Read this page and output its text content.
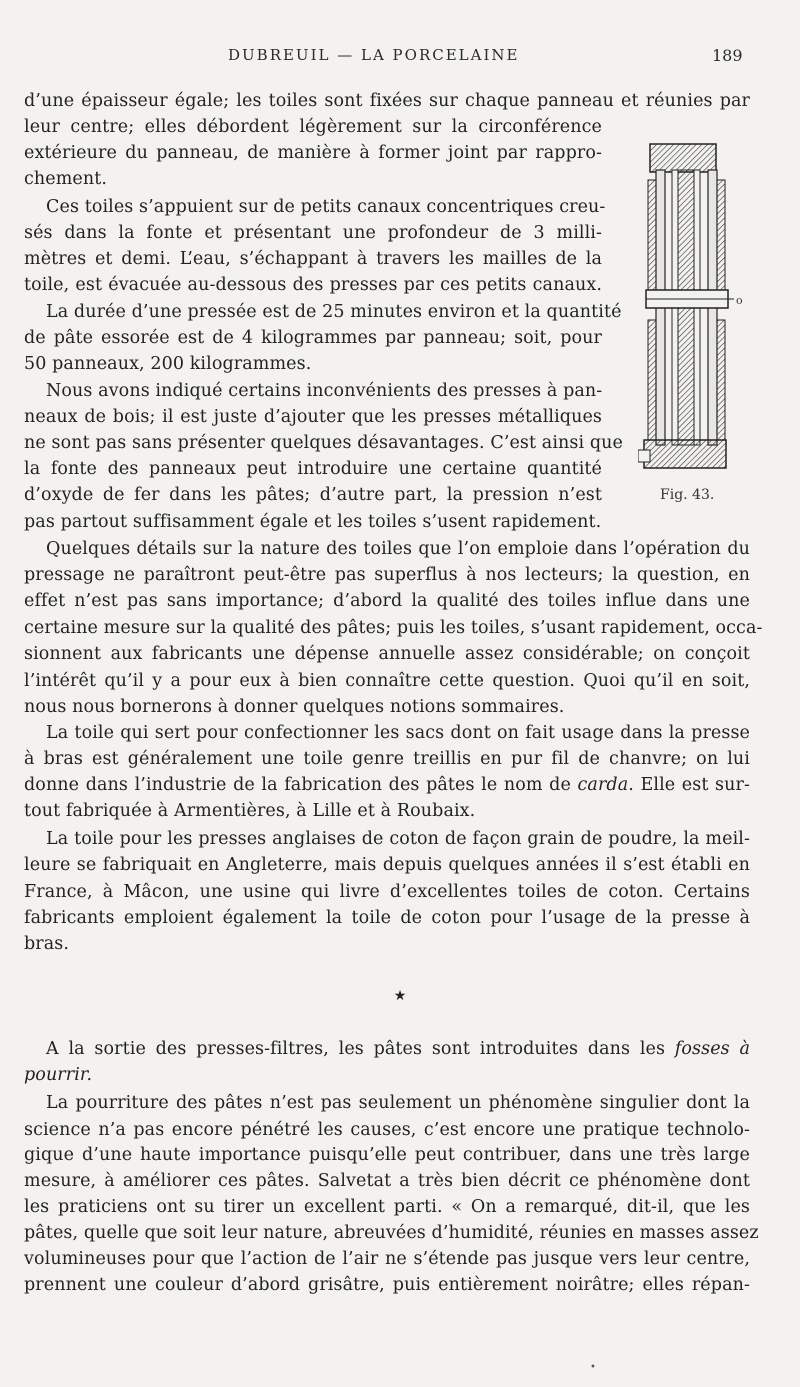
DUBREUIL — LA PORCELAINE	189
d’une épaisseur égale; les toiles sont fixées sur chaque panneau et réunies par
leur centre; elles débordent légèrement sur la circonférence
extérieure du panneau, de manière à former joint par rappro-
chement.
Ces toiles s’appuient sur de petits canaux concentriques creu-
sés dans la fonte et présentant une profondeur de 3 milli-
mètres et demi. L’eau, s’échappant à travers les mailles de la
toile, est évacuée au-dessous des presses par ces petits canaux.
La durée d’une pressée est de 25 minutes environ et la quantité
de pâte essorée est de 4 kilogrammes par panneau; soit, pour
50 panneaux, 200 kilogrammes.
Nous avons indiqué certains inconvénients des presses à pan-
neaux de bois; il est juste d’ajouter que les presses métalliques
ne sont pas sans présenter quelques désavantages. C’est ainsi que
la fonte des panneaux peut introduire une certaine quantité
d’oxyde de fer dans les pâtes; d’autre part, la pression n’est
pas partout suffisamment égale et les toiles s’usent rapidement.
Quelques détails sur la nature des toiles que l’on emploie dans l’opération du
pressage ne paraîtront peut-être pas superflus à nos lecteurs; la question, en
effet n’est pas sans importance; d’abord la qualité des toiles influe dans une
certaine mesure sur la qualité des pâtes; puis les toiles, s’usant rapidement, occa-
sionnent aux fabricants une dépense annuelle assez considérable; on conçoit
l’intérêt qu’il y a pour eux à bien connaître cette question. Quoi qu’il en soit,
nous nous bornerons à donner quelques notions sommaires.
La toile qui sert pour confectionner les sacs dont on fait usage dans la presse
à bras est généralement une toile genre treillis en pur fil de chanvre; on lui
donne dans l’industrie de la fabrication des pâtes le nom de carda. Elle est sur-
tout fabriquée à Armentières, à Lille et à Roubaix.
La toile pour les presses anglaises de coton de façon grain de poudre, la meil-
leure se fabriquait en Angleterre, mais depuis quelques années il s’est établi en
France, à Mâcon, une usine qui livre d’excellentes toiles de coton. Certains
fabricants emploient également la toile de coton pour l’usage de la presse à
bras.
★
A la sortie des presses-filtres, les pâtes sont introduites dans les fosses à
pourrir.
La pourriture des pâtes n’est pas seulement un phénomène singulier dont la
science n’a pas encore pénétré les causes, c’est encore une pratique technolo-
gique d’une haute importance puisqu’elle peut contribuer, dans une très large
mesure, à améliorer ces pâtes. Salvetat a très bien décrit ce phénomène dont
les praticiens ont su tirer un excellent parti. « On a remarqué, dit-il, que les
pâtes, quelle que soit leur nature, abreuvées d’humidité, réunies en masses assez
volumineuses pour que l’action de l’air ne s’étende pas jusque vers leur centre,
prennent une couleur d’abord grisâtre, puis entièrement noirâtre; elles répan-
o
Fig. 43.
•
